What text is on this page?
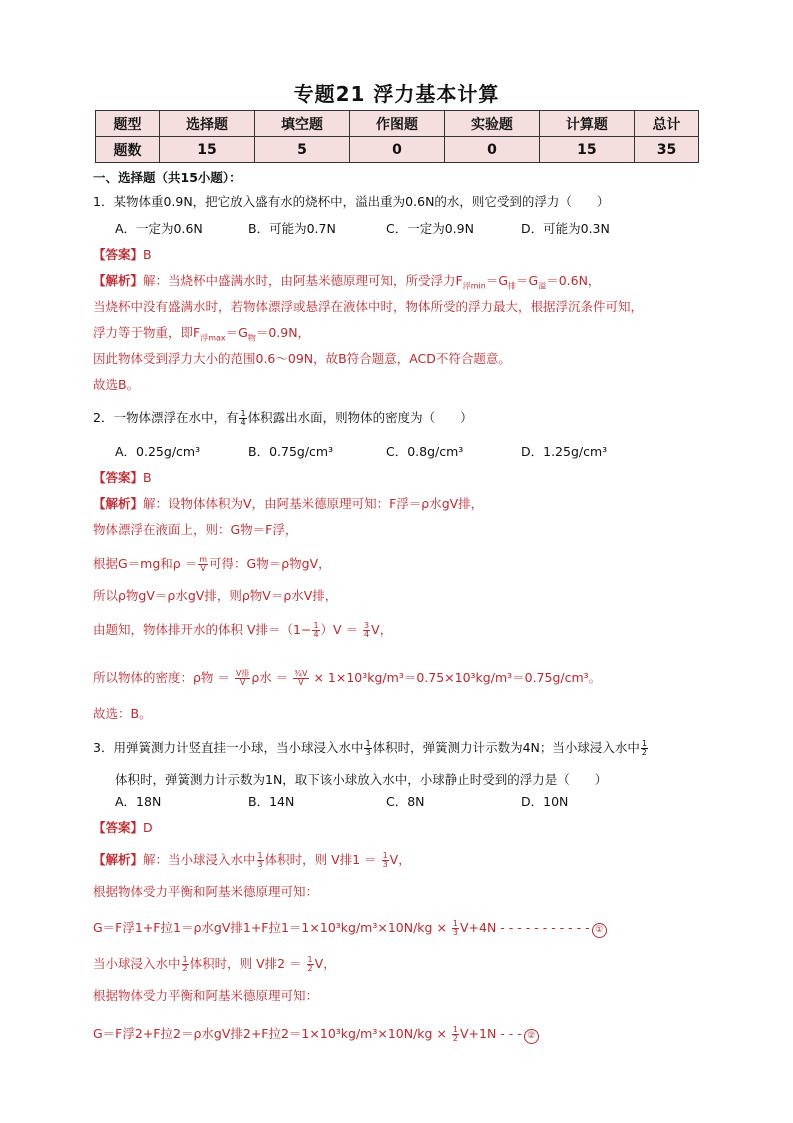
专题21 浮力基本计算
题型	选择题	填空题	作图题	实验题	计算题	总计
题数	15	5	0	0	15	35
一、选择题（共15小题）：
1．某物体重0.9N，把它放入盛有水的烧杯中，溢出重为0.6N的水，则它受到的浮力（　　）
A．一定为0.6N	B．可能为0.7N	C．一定为0.9N	D．可能为0.3N
【答案】B
【解析】解：当烧杯中盛满水时，由阿基米德原理可知，所受浮力$F_{浮min}=G_排=G_溢=0.6N$，
当烧杯中没有盛满水时，若物体漂浮或悬浮在液体中时，物体所受的浮力最大，根据浮沉条件可知，
浮力等于物重，即$F_{浮max}=G_物=0.9N$，
因此物体受到浮力大小的范围0.6～09N，故B符合题意，ACD不符合题意。
故选B。
2．一物体漂浮在水中，有 $\frac{1}{4}$ 体积露出水面，则物体的密度为（　　）
A．0.25g/cm³	B．0.75g/cm³	C．0.8g/cm³	D．1.25g/cm³
【答案】B
【解析】解：设物体体积为V，由阿基米德原理可知：F浮＝ρ水gV排，
物体漂浮在液面上，则：G物＝F浮，
根据G＝mg和$\rho = \frac{m}{V}$ 可得：G物＝ρ物gV，
所以ρ物gV＝ρ水gV排，则ρ物V＝ρ水V排，
由题知，物体排开水的体积 V排$=(1- \frac{1}{4} )V = \frac{3}{4}$ V，
所以物体的密度：ρ物 ＝ $\frac{\text{V排}}{V}$ ρ水 ＝ $\frac{\text{¾V}}{V} \times 1\times 10^3kg/m^3=0.75\times 10^3kg/m^3=0.75g/cm^3$。
故选：B。
3．用弹簧测力计竖直挂一小球，当小球浸入水中 $\frac{1}{3}$ 体积时，弹簧测力计示数为4N；当小球浸入水中 $\frac{1}{2}$
体积时，弹簧测力计示数为1N，取下该小球放入水中，小球静止时受到的浮力是（　　）
A．18N	B．14N	C．8N	D．10N
【答案】D
【解析】解：当小球浸入水中 $\frac{1}{3}$ 体积时，则 V排$1 = \frac{1}{3}$ V，
根据物体受力平衡和阿基米德原理可知：
G＝F浮1+F拉1＝ρ水gV排1+F拉$1=1\times 10^3kg/m^3\times 10N/kg \times \frac{1}{3} V+4N$ - - - - - - - - - - - ①
当小球浸入水中 $\frac{1}{2}$ 体积时，则 V排$2 = \frac{1}{2}$ V，
根据物体受力平衡和阿基米德原理可知：
G＝F浮2+F拉2＝ρ水gV排2+F拉$2=1\times 10^3kg/m^3\times 10N/kg \times \frac{1}{2} V+1N$ - - - ②
